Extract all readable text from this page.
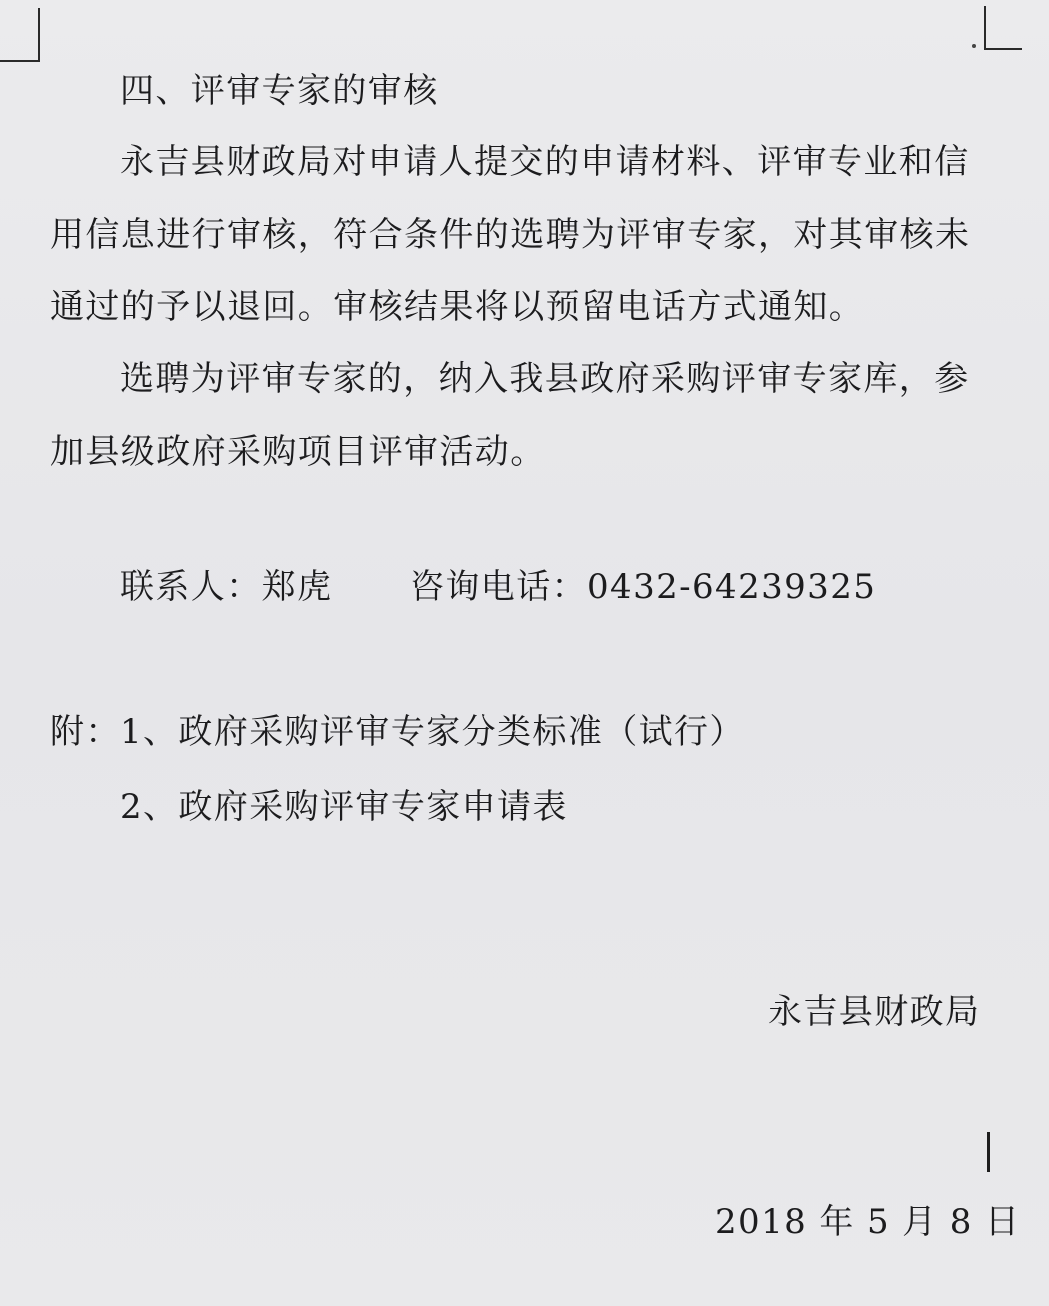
四、评审专家的审核
永吉县财政局对申请人提交的申请材料、评审专业和信
用信息进行审核，符合条件的选聘为评审专家，对其审核未
通过的予以退回。审核结果将以预留电话方式通知。
选聘为评审专家的，纳入我县政府采购评审专家库，参
加县级政府采购项目评审活动。
联系人：郑虎 咨询电话：0432-64239325
附： 1、政府采购评审专家分类标准（试行）
2、政府采购评审专家申请表
永吉县财政局
2018 年 5 月 8 日
